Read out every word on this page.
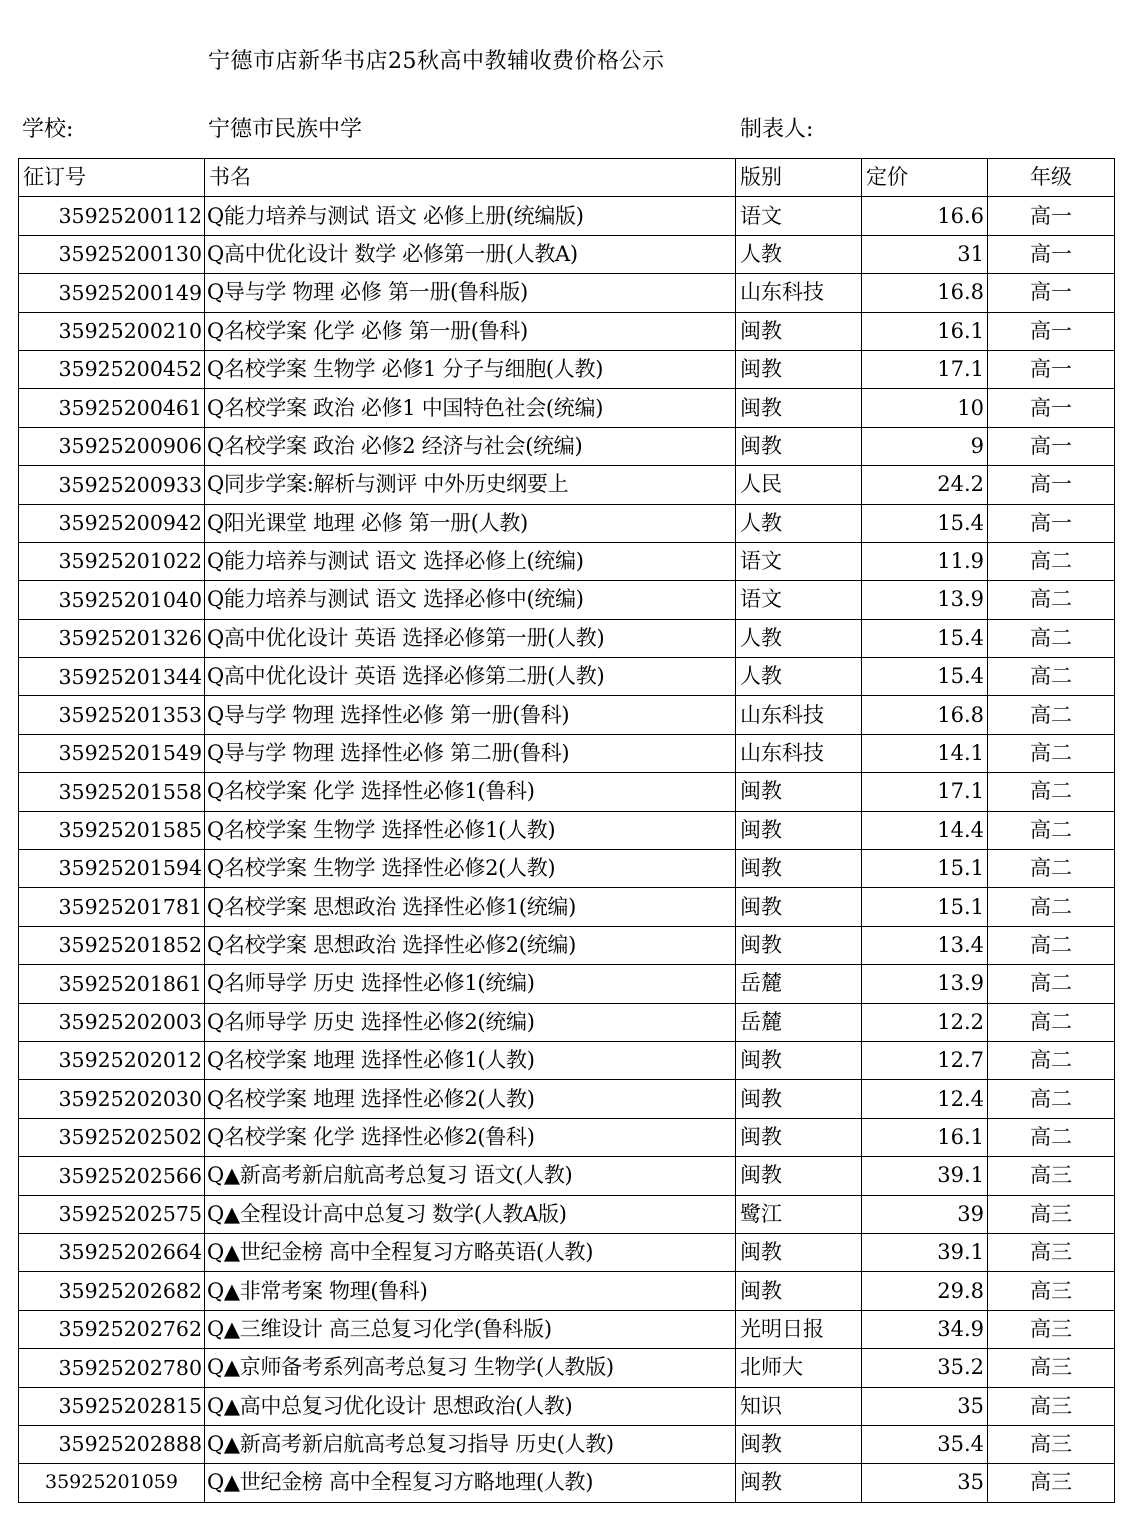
宁德市店新华书店25秋高中教辅收费价格公示
学校:	宁德市民族中学	制表人:
征订号	书名	版别	定价	年级
35925200112	Q能力培养与测试 语文 必修上册(统编版)	语文	16.6	高一
35925200130	Q高中优化设计 数学 必修第一册(人教A)	人教	31	高一
35925200149	Q导与学 物理 必修 第一册(鲁科版)	山东科技	16.8	高一
35925200210	Q名校学案 化学 必修 第一册(鲁科)	闽教	16.1	高一
35925200452	Q名校学案 生物学 必修1 分子与细胞(人教)	闽教	17.1	高一
35925200461	Q名校学案 政治 必修1 中国特色社会(统编)	闽教	10	高一
35925200906	Q名校学案 政治 必修2 经济与社会(统编)	闽教	9	高一
35925200933	Q同步学案:解析与测评 中外历史纲要上	人民	24.2	高一
35925200942	Q阳光课堂 地理 必修 第一册(人教)	人教	15.4	高一
35925201022	Q能力培养与测试 语文 选择必修上(统编)	语文	11.9	高二
35925201040	Q能力培养与测试 语文 选择必修中(统编)	语文	13.9	高二
35925201326	Q高中优化设计 英语 选择必修第一册(人教)	人教	15.4	高二
35925201344	Q高中优化设计 英语 选择必修第二册(人教)	人教	15.4	高二
35925201353	Q导与学 物理 选择性必修 第一册(鲁科)	山东科技	16.8	高二
35925201549	Q导与学 物理 选择性必修 第二册(鲁科)	山东科技	14.1	高二
35925201558	Q名校学案 化学 选择性必修1(鲁科)	闽教	17.1	高二
35925201585	Q名校学案 生物学 选择性必修1(人教)	闽教	14.4	高二
35925201594	Q名校学案 生物学 选择性必修2(人教)	闽教	15.1	高二
35925201781	Q名校学案 思想政治 选择性必修1(统编)	闽教	15.1	高二
35925201852	Q名校学案 思想政治 选择性必修2(统编)	闽教	13.4	高二
35925201861	Q名师导学 历史 选择性必修1(统编)	岳麓	13.9	高二
35925202003	Q名师导学 历史 选择性必修2(统编)	岳麓	12.2	高二
35925202012	Q名校学案 地理 选择性必修1(人教)	闽教	12.7	高二
35925202030	Q名校学案 地理 选择性必修2(人教)	闽教	12.4	高二
35925202502	Q名校学案 化学 选择性必修2(鲁科)	闽教	16.1	高二
35925202566	Q▲新高考新启航高考总复习 语文(人教)	闽教	39.1	高三
35925202575	Q▲全程设计高中总复习 数学(人教A版)	鹭江	39	高三
35925202664	Q▲世纪金榜 高中全程复习方略英语(人教)	闽教	39.1	高三
35925202682	Q▲非常考案 物理(鲁科)	闽教	29.8	高三
35925202762	Q▲三维设计 高三总复习化学(鲁科版)	光明日报	34.9	高三
35925202780	Q▲京师备考系列高考总复习 生物学(人教版)	北师大	35.2	高三
35925202815	Q▲高中总复习优化设计 思想政治(人教)	知识	35	高三
35925202888	Q▲新高考新启航高考总复习指导 历史(人教)	闽教	35.4	高三
35925201059	Q▲世纪金榜 高中全程复习方略地理(人教)	闽教	35	高三
